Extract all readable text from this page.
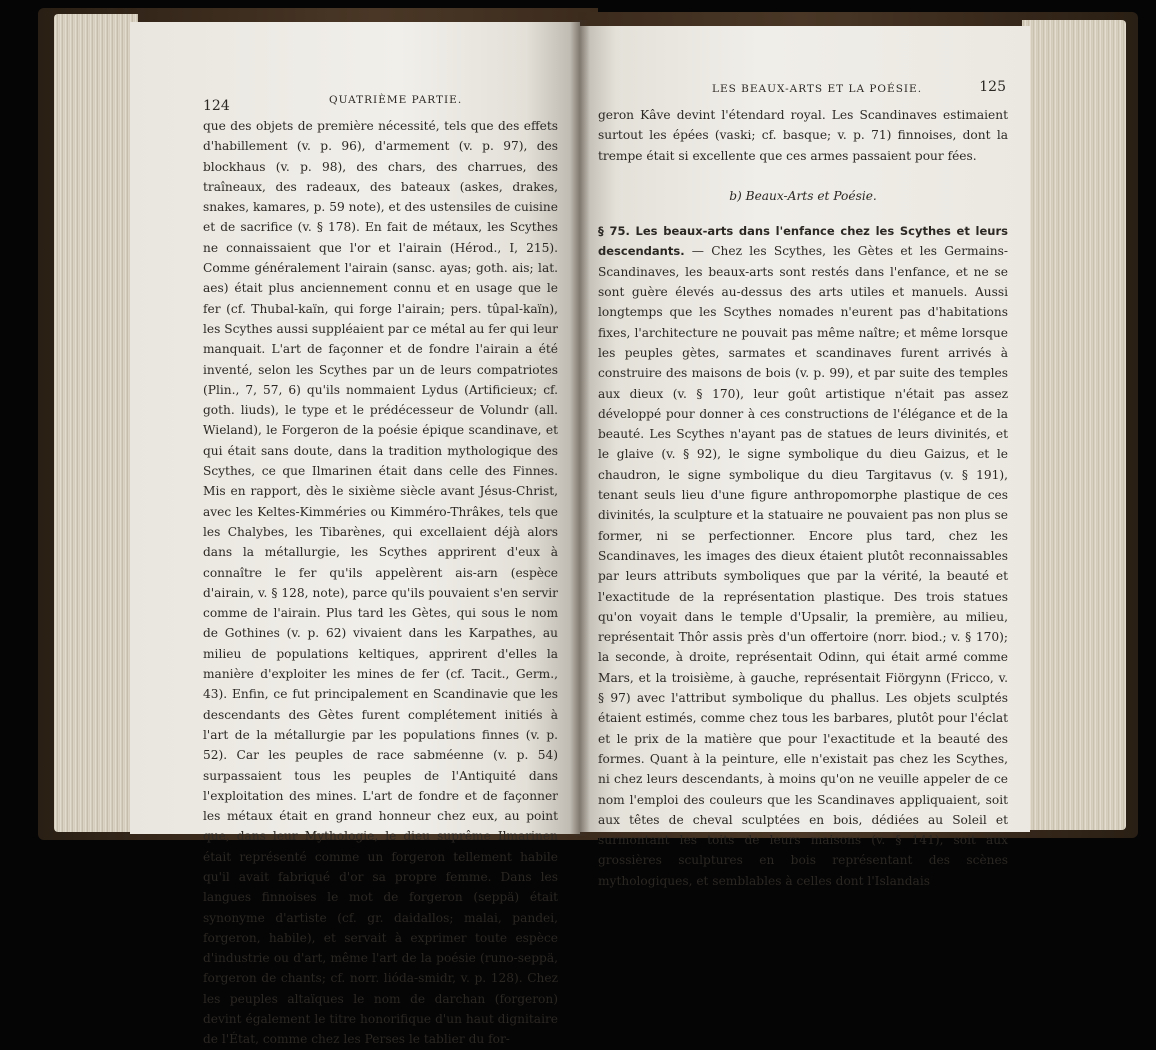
124	QUATRIÈME PARTIE.

que des objets de première nécessité, tels que des effets d'habillement (v. p. 96), d'armement (v. p. 97), des blockhaus (v. p. 98), des chars, des charrues, des traîneaux, des radeaux, des bateaux (askes, drakes, snakes, kamares, p. 59 note), et des ustensiles de cuisine et de sacrifice (v. § 178). En fait de métaux, les Scythes ne connaissaient que l'or et l'airain (Hérod., I, 215). Comme généralement l'airain (sansc. ayas; goth. ais; lat. aes) était plus anciennement connu et en usage que le fer (cf. Thubal-kaïn, qui forge l'airain; pers. tûpal-kaïn), les Scythes aussi suppléaient par ce métal au fer qui leur manquait. L'art de façonner et de fondre l'airain a été inventé, selon les Scythes par un de leurs compatriotes (Plin., 7, 57, 6) qu'ils nommaient Lydus (Artificieux; cf. goth. liuds), le type et le prédécesseur de Volundr (all. Wieland), le Forgeron de la poésie épique scandinave, et qui était sans doute, dans la tradition mythologique des Scythes, ce que Ilmarinen était dans celle des Finnes. Mis en rapport, dès le sixième siècle avant Jésus-Christ, avec les Keltes-Kimméries ou Kimméro-Thrâkes, tels que les Chalybes, les Tibarènes, qui excellaient déjà alors dans la métallurgie, les Scythes apprirent d'eux à connaître le fer qu'ils appelèrent ais-arn (espèce d'airain, v. § 128, note), parce qu'ils pouvaient s'en servir comme de l'airain. Plus tard les Gètes, qui sous le nom de Gothines (v. p. 62) vivaient dans les Karpathes, au milieu de populations keltiques, apprirent d'elles la manière d'exploiter les mines de fer (cf. Tacit., Germ., 43). Enfin, ce fut principalement en Scandinavie que les descendants des Gètes furent complétement initiés à l'art de la métallurgie par les populations finnes (v. p. 52). Car les peuples de race sabméenne (v. p. 54) surpassaient tous les peuples de l'Antiquité dans l'exploitation des mines. L'art de fondre et de façonner les métaux était en grand honneur chez eux, au point que, dans leur Mythologie, le dieu suprême Ilmarinen était représenté comme un forgeron tellement habile qu'il avait fabriqué d'or sa propre femme. Dans les langues finnoises le mot de forgeron (seppä) était synonyme d'artiste (cf. gr. daidallos; malai, pandei, forgeron, habile), et servait à exprimer toute espèce d'industrie ou d'art, même l'art de la poésie (runo-seppä, forgeron de chants; cf. norr. lióda-smidr, v. p. 128). Chez les peuples altaïques le nom de darchan (forgeron) devint également le titre honorifique d'un haut dignitaire de l'État, comme chez les Perses le tablier du for-

LES BEAUX-ARTS ET LA POÉSIE.	125

geron Kâve devint l'étendard royal. Les Scandinaves estimaient surtout les épées (vaski; cf. basque; v. p. 71) finnoises, dont la trempe était si excellente que ces armes passaient pour fées.

b) Beaux-Arts et Poésie.

§ 75. Les beaux-arts dans l'enfance chez les Scythes et leurs descendants. — Chez les Scythes, les Gètes et les Germains-Scandinaves, les beaux-arts sont restés dans l'enfance, et ne se sont guère élevés au-dessus des arts utiles et manuels. Aussi longtemps que les Scythes nomades n'eurent pas d'habitations fixes, l'architecture ne pouvait pas même naître; et même lorsque les peuples gètes, sarmates et scandinaves furent arrivés à construire des maisons de bois (v. p. 99), et par suite des temples aux dieux (v. § 170), leur goût artistique n'était pas assez développé pour donner à ces constructions de l'élégance et de la beauté. Les Scythes n'ayant pas de statues de leurs divinités, et le glaive (v. § 92), le signe symbolique du dieu Gaizus, et le chaudron, le signe symbolique du dieu Targitavus (v. § 191), tenant seuls lieu d'une figure anthropomorphe plastique de ces divinités, la sculpture et la statuaire ne pouvaient pas non plus se former, ni se perfectionner. Encore plus tard, chez les Scandinaves, les images des dieux étaient plutôt reconnaissables par leurs attributs symboliques que par la vérité, la beauté et l'exactitude de la représentation plastique. Des trois statues qu'on voyait dans le temple d'Upsalir, la première, au milieu, représentait Thôr assis près d'un offertoire (norr. biod.; v. § 170); la seconde, à droite, représentait Odinn, qui était armé comme Mars, et la troisième, à gauche, représentait Fiörgynn (Fricco, v. § 97) avec l'attribut symbolique du phallus. Les objets sculptés étaient estimés, comme chez tous les barbares, plutôt pour l'éclat et le prix de la matière que pour l'exactitude et la beauté des formes. Quant à la peinture, elle n'existait pas chez les Scythes, ni chez leurs descendants, à moins qu'on ne veuille appeler de ce nom l'emploi des couleurs que les Scandinaves appliquaient, soit aux têtes de cheval sculptées en bois, dédiées au Soleil et surmontant les toits de leurs maisons (v. § 141), soit aux grossières sculptures en bois représentant des scènes mythologiques, et semblables à celles dont l'Islandais
